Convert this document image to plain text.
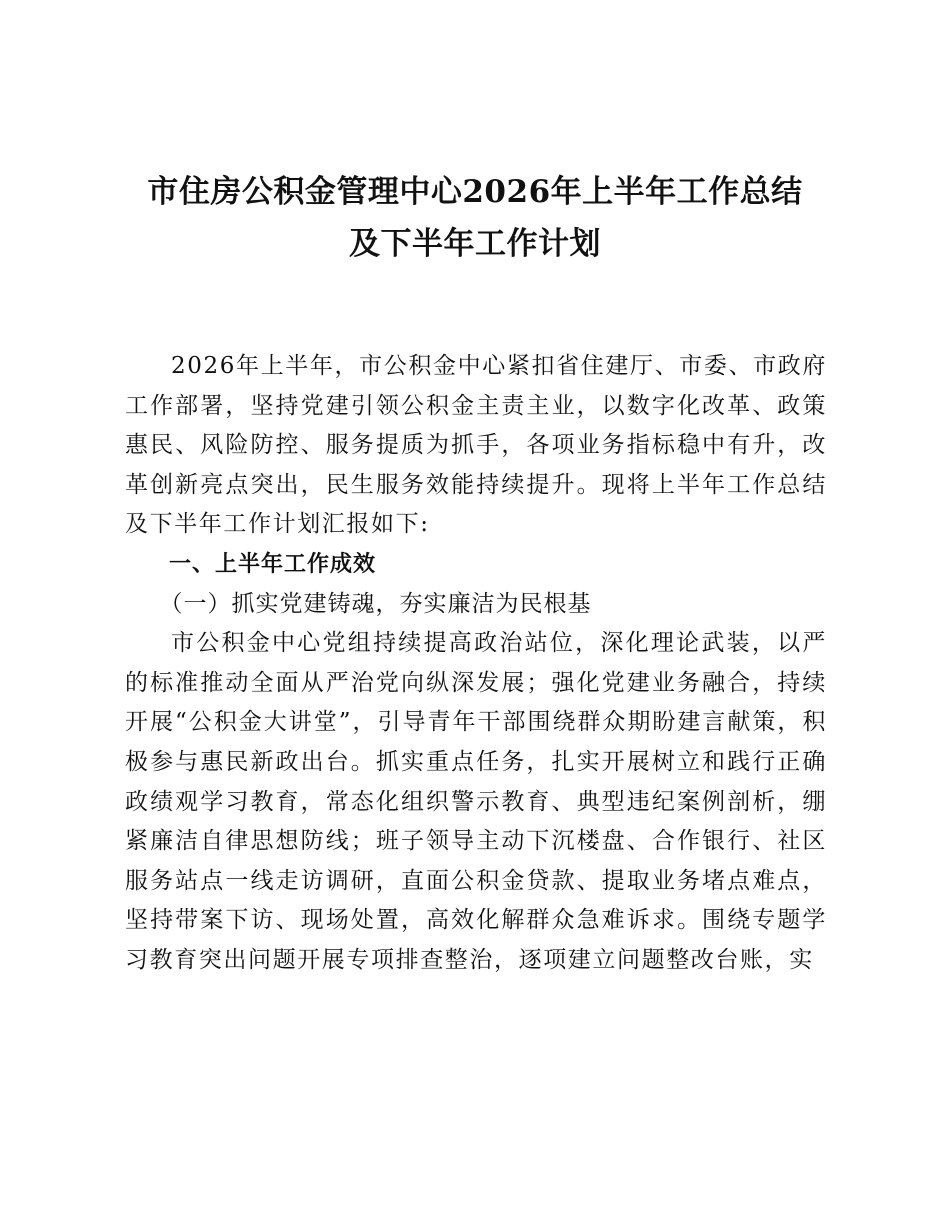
市住房公积金管理中心2026年上半年工作总结
及下半年工作计划

2026年上半年，市公积金中心紧扣省住建厅、市委、市政府工作部署，坚持党建引领公积金主责主业，以数字化改革、政策惠民、风险防控、服务提质为抓手，各项业务指标稳中有升，改革创新亮点突出，民生服务效能持续提升。现将上半年工作总结及下半年工作计划汇报如下:

一、上半年工作成效

（一）抓实党建铸魂，夯实廉洁为民根基

市公积金中心党组持续提高政治站位，深化理论武装，以严的标准推动全面从严治党向纵深发展；强化党建业务融合，持续开展“公积金大讲堂”，引导青年干部围绕群众期盼建言献策，积极参与惠民新政出台。抓实重点任务，扎实开展树立和践行正确政绩观学习教育，常态化组织警示教育、典型违纪案例剖析，绷紧廉洁自律思想防线；班子领导主动下沉楼盘、合作银行、社区服务站点一线走访调研，直面公积金贷款、提取业务堵点难点，坚持带案下访、现场处置，高效化解群众急难诉求。围绕专题学习教育突出问题开展专项排查整治，逐项建立问题整改台账，实
